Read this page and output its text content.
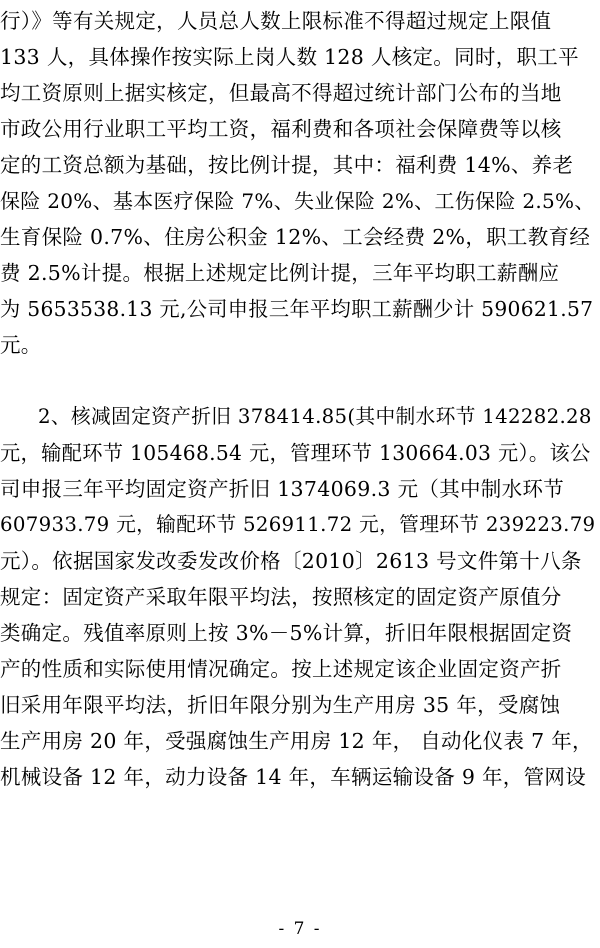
行）》等有关规定，人员总人数上限标准不得超过规定上限值
133 人，具体操作按实际上岗人数 128 人核定。同时，职工平
均工资原则上据实核定，但最高不得超过统计部门公布的当地
市政公用行业职工平均工资，福利费和各项社会保障费等以核
定的工资总额为基础，按比例计提，其中：福利费 14%、养老
保险 20%、基本医疗保险 7%、失业保险 2%、工伤保险 2.5%、
生育保险 0.7%、住房公积金 12%、工会经费 2%，职工教育经
费 2.5%计提。根据上述规定比例计提，三年平均职工薪酬应
为 5653538.13 元,公司申报三年平均职工薪酬少计 590621.57
元。
2、核减固定资产折旧 378414.85(其中制水环节 142282.28
元，输配环节 105468.54 元，管理环节 130664.03 元）。该公
司申报三年平均固定资产折旧 1374069.3 元（其中制水环节
607933.79 元，输配环节 526911.72 元，管理环节 239223.79
元）。依据国家发改委发改价格〔2010〕2613 号文件第十八条
规定：固定资产采取年限平均法，按照核定的固定资产原值分
类确定。残值率原则上按 3%－5%计算，折旧年限根据固定资
产的性质和实际使用情况确定。按上述规定该企业固定资产折
旧采用年限平均法，折旧年限分别为生产用房 35 年，受腐蚀
生产用房 20 年，受强腐蚀生产用房 12 年， 自动化仪表 7 年，
机械设备 12 年，动力设备 14 年，车辆运输设备 9 年，管网设
- 7 -
